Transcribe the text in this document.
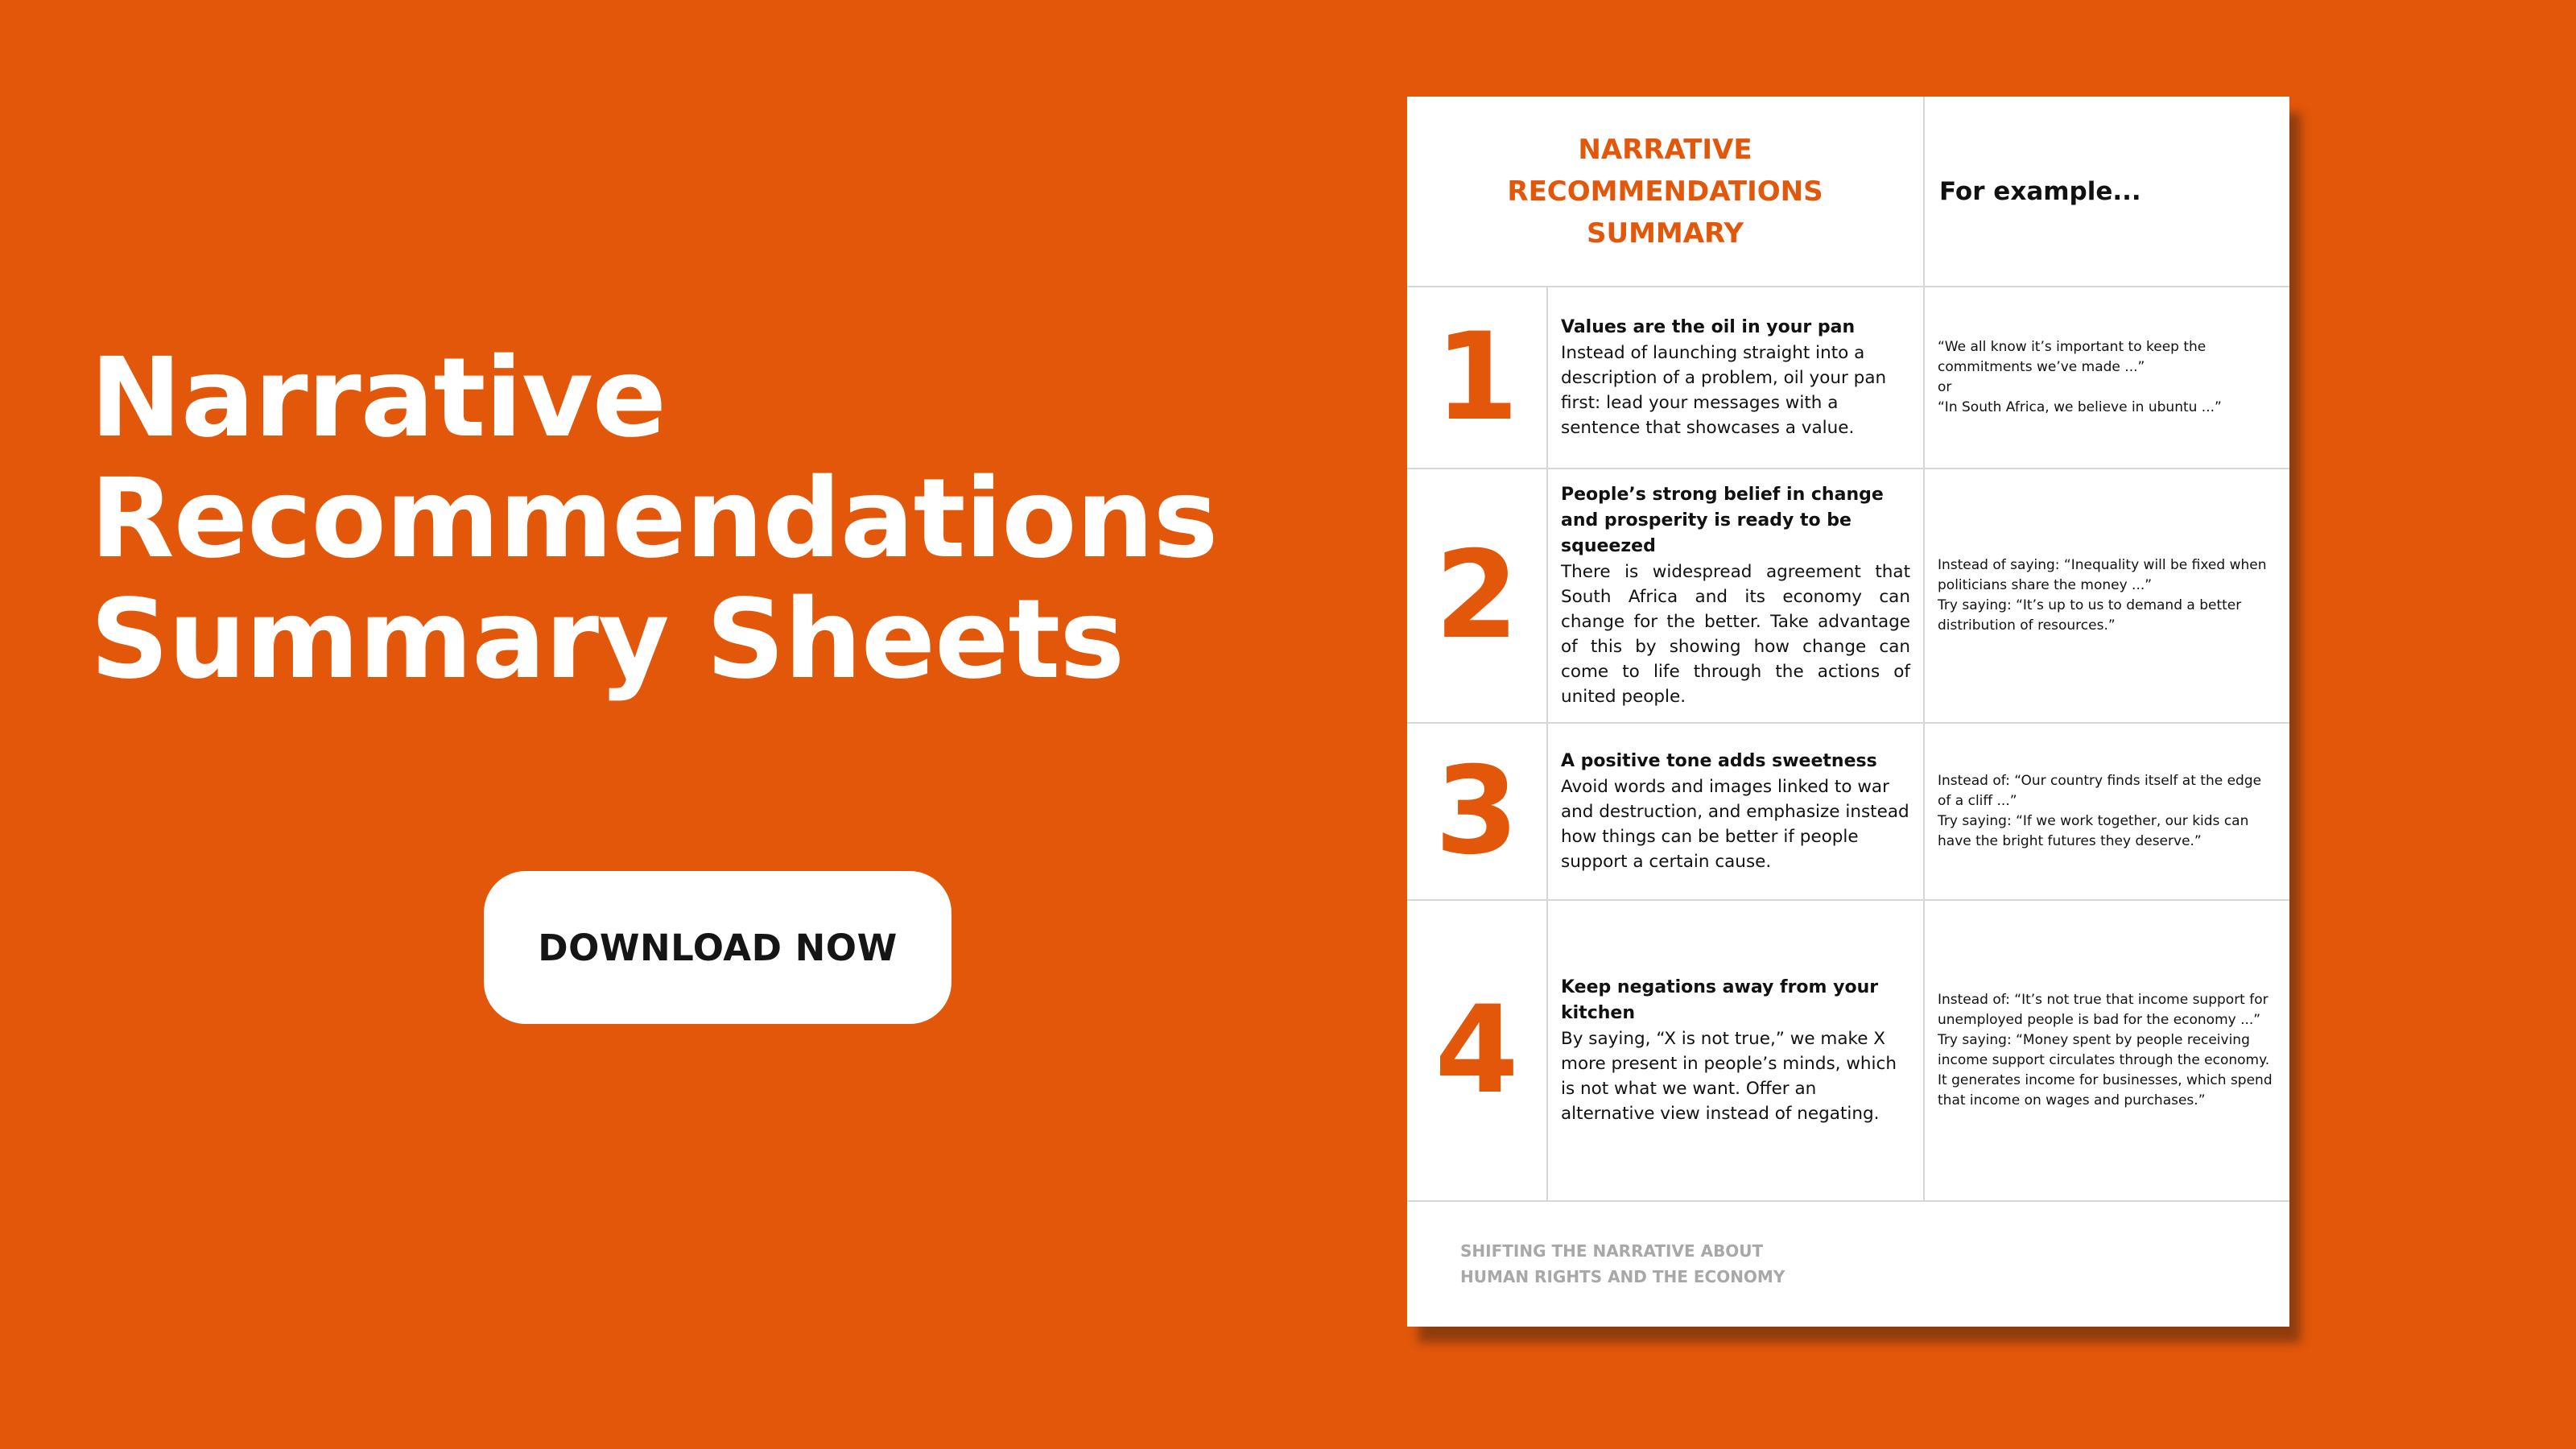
Narrative
Recommendations
Summary Sheets
DOWNLOAD NOW
NARRATIVE RECOMMENDATIONS
SUMMARY		For example...
1	Values are the oil in your pan
Instead of launching straight into a description of a problem, oil your pan first: lead your messages with a sentence that showcases a value.	“We all know it’s important to keep the commitments we’ve made ...”
or
“In South Africa, we believe in ubuntu ...”

2	People’s strong belief in change and prosperity is ready to be squeezed
There is widespread agreement that South Africa and its economy can change for the better. Take advantage of this by showing how change can come to life through the actions of united people.	Instead of saying: “Inequality will be fixed when politicians share the money ...”
Try saying: “It’s up to us to demand a better distribution of resources.”

3	A positive tone adds sweetness
Avoid words and images linked to war and destruction, and emphasize instead how things can be better if people support a certain cause.	Instead of: “Our country finds itself at the edge of a cliff ...”
Try saying: “If we work together, our kids can have the bright futures they deserve.”

4	Keep negations away from your kitchen
By saying, “X is not true,” we make X more present in people’s minds, which is not what we want. Offer an alternative view instead of negating.	Instead of: “It’s not true that income support for unemployed people is bad for the economy ...”
Try saying: “Money spent by people receiving income support circulates through the economy. It generates income for businesses, which spend that income on wages and purchases.”
SHIFTING THE NARRATIVE ABOUT
HUMAN RIGHTS AND THE ECONOMY
